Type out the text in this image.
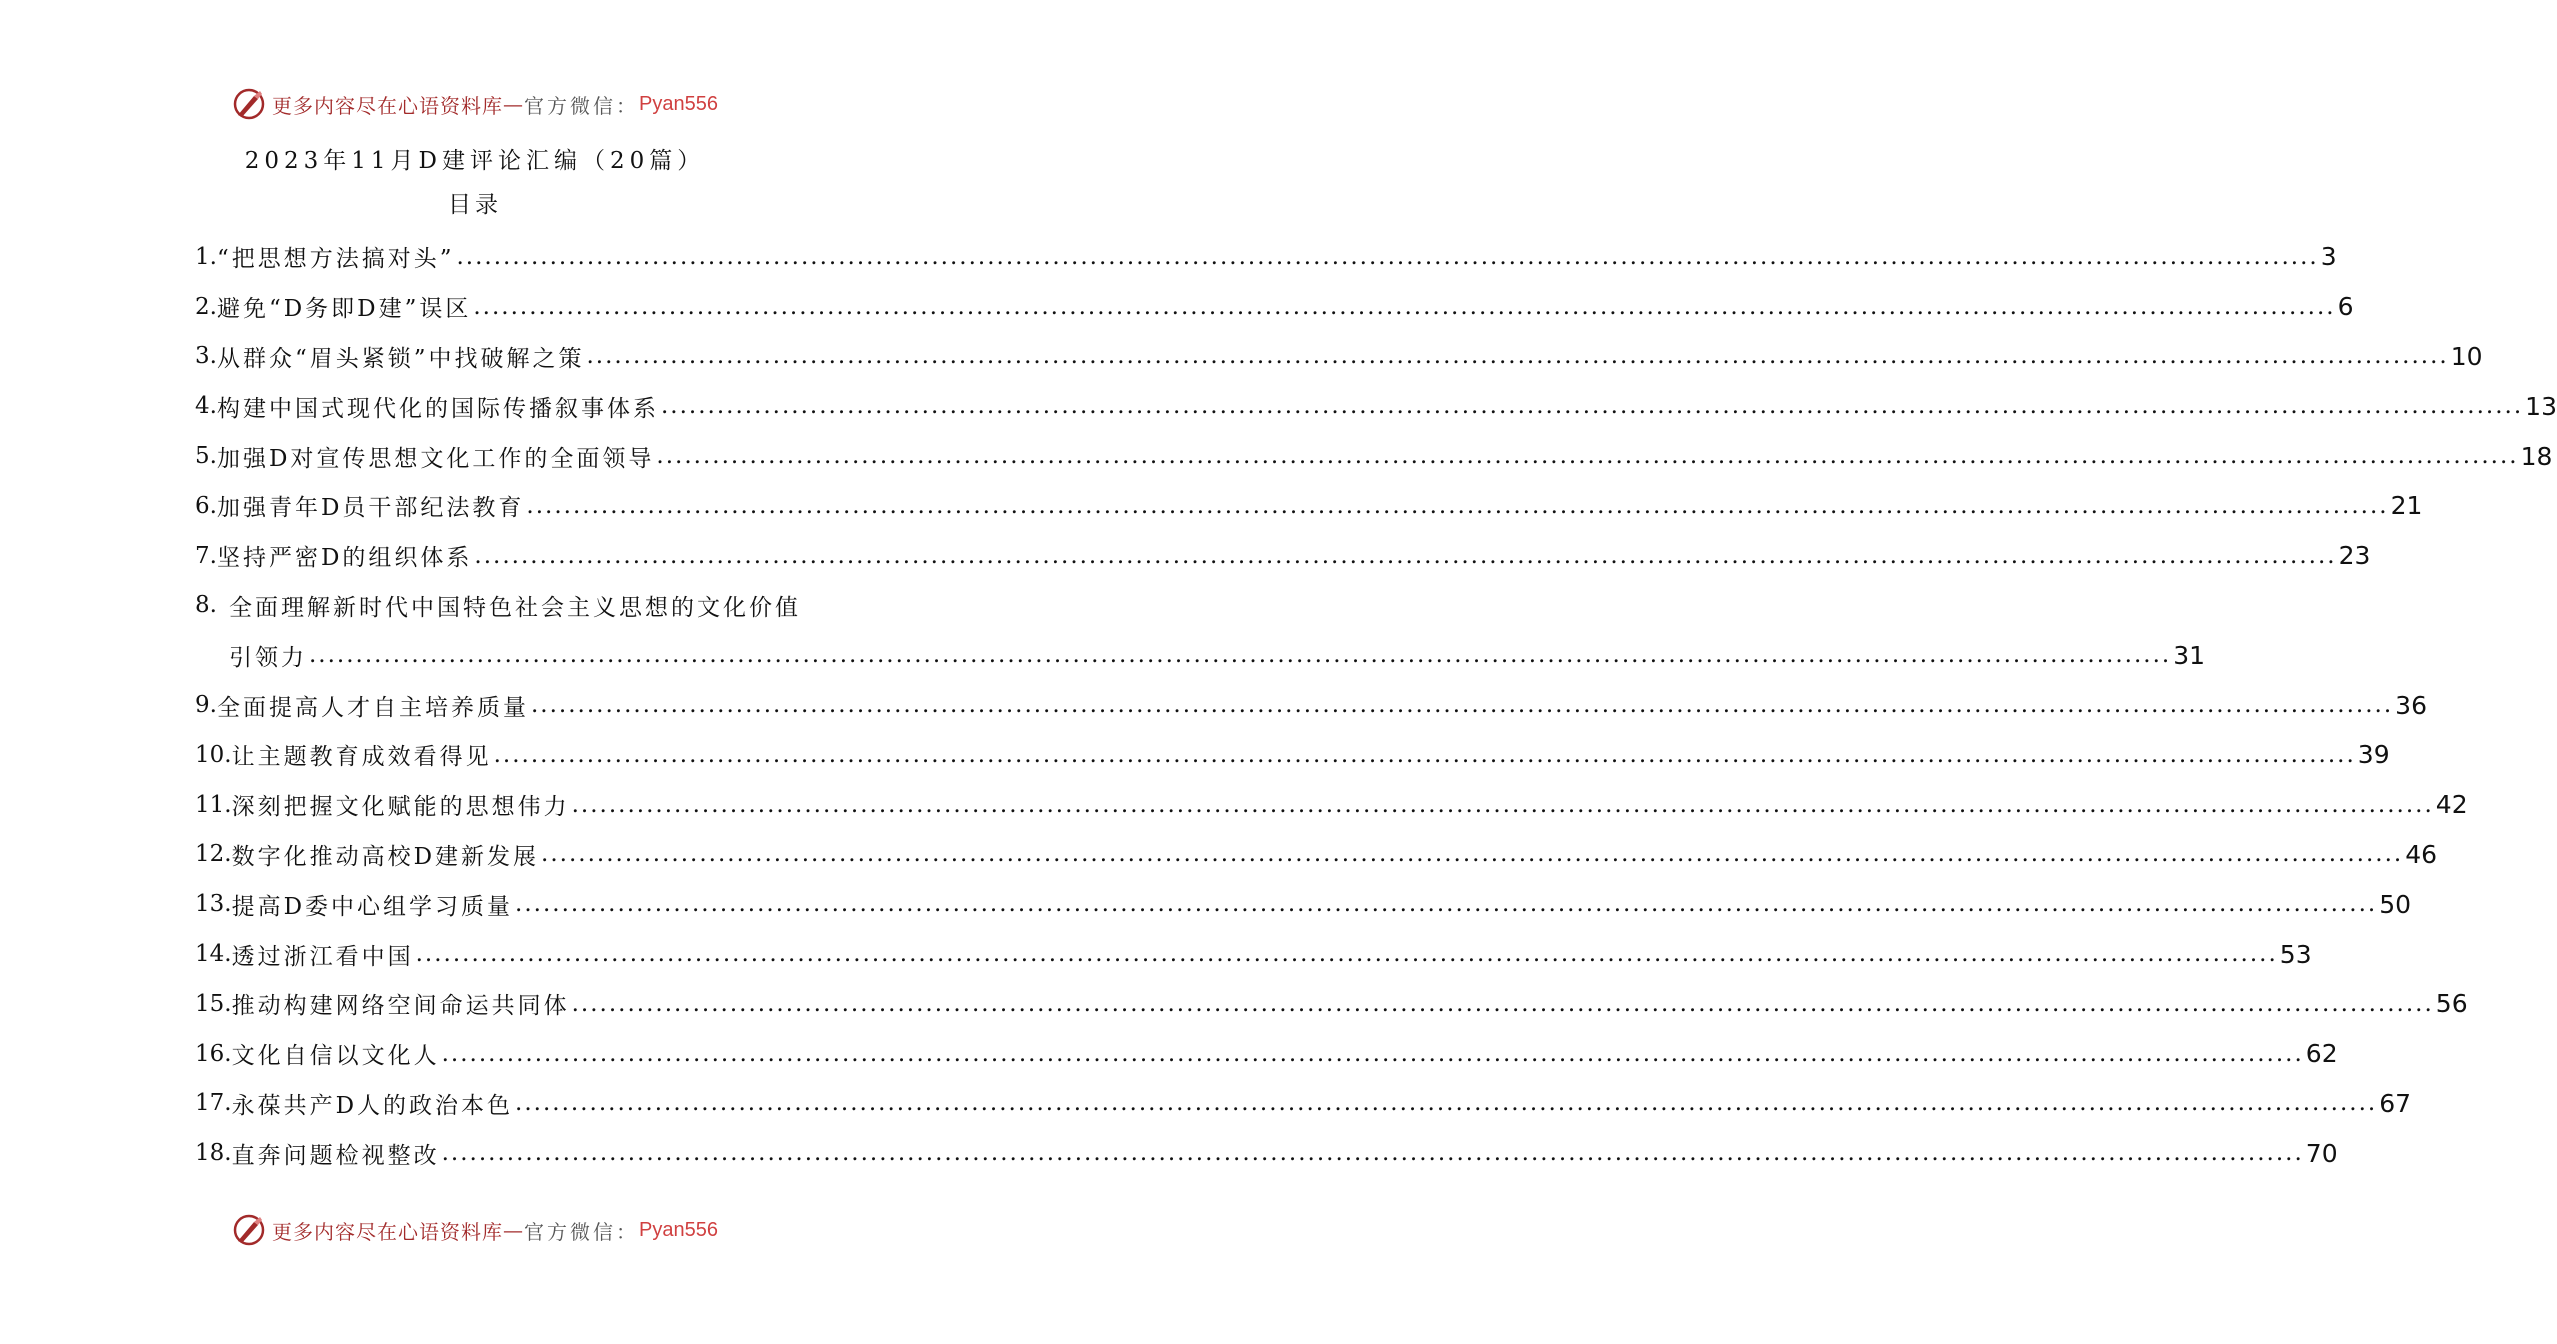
更多内容尽在心语资料库 — 官方微信： Pyan556
2023年11月D建评论汇编（20篇）
目录
1. “把思想方法搞对头” ........................................................................................................................................................................................................ 3
2. 避免“D务即D建”误区 ........................................................................................................................................................................................................ 6
3. 从群众“眉头紧锁”中找破解之策 ........................................................................................................................................................................................................ 10
4. 构建中国式现代化的国际传播叙事体系 ........................................................................................................................................................................................................ 13
5. 加强D对宣传思想文化工作的全面领导 ........................................................................................................................................................................................................ 18
6. 加强青年D员干部纪法教育 ........................................................................................................................................................................................................ 21
7. 坚持严密D的组织体系 ........................................................................................................................................................................................................ 23
8. 全面理解新时代中国特色社会主义思想的文化价值
引领力 ........................................................................................................................................................................................................ 31
9. 全面提高人才自主培养质量 ........................................................................................................................................................................................................ 36
10. 让主题教育成效看得见 ........................................................................................................................................................................................................ 39
11. 深刻把握文化赋能的思想伟力 ........................................................................................................................................................................................................ 42
12. 数字化推动高校D建新发展 ........................................................................................................................................................................................................ 46
13. 提高D委中心组学习质量 ........................................................................................................................................................................................................ 50
14. 透过浙江看中国 ........................................................................................................................................................................................................ 53
15. 推动构建网络空间命运共同体 ........................................................................................................................................................................................................ 56
16. 文化自信以文化人 ........................................................................................................................................................................................................ 62
17. 永葆共产D人的政治本色 ........................................................................................................................................................................................................ 67
18. 直奔问题检视整改 ........................................................................................................................................................................................................ 70
更多内容尽在心语资料库 — 官方微信： Pyan556
